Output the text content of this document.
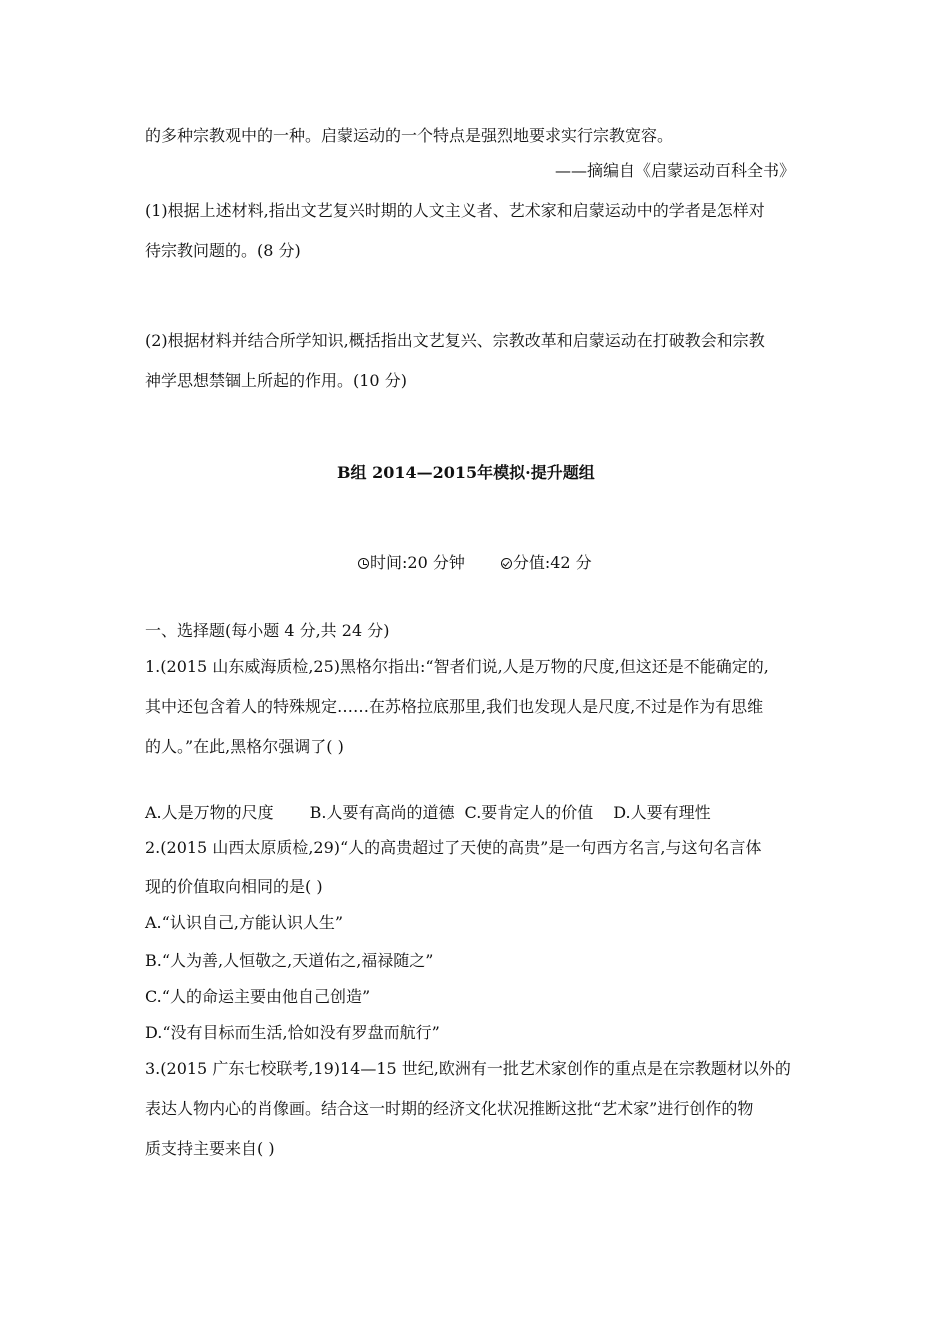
的多种宗教观中的一种。启蒙运动的一个特点是强烈地要求实行宗教宽容。
——摘编自《启蒙运动百科全书》
(1)根据上述材料,指出文艺复兴时期的人文主义者、艺术家和启蒙运动中的学者是怎样对
待宗教问题的。(8 分)
(2)根据材料并结合所学知识,概括指出文艺复兴、宗教改革和启蒙运动在打破教会和宗教
神学思想禁锢上所起的作用。(10 分)
B组 2014—2015年模拟·提升题组
时间:20 分钟	分值:42 分
一、选择题(每小题 4 分,共 24 分)
1.(2015 山东威海质检,25)黑格尔指出:“智者们说,人是万物的尺度,但这还是不能确定的,
其中还包含着人的特殊规定……在苏格拉底那里,我们也发现人是尺度,不过是作为有思维
的人。”在此,黑格尔强调了( )
A.人是万物的尺度 B.人要有高尚的道德 C.要肯定人的价值 D.人要有理性
2.(2015 山西太原质检,29)“人的高贵超过了天使的高贵”是一句西方名言,与这句名言体
现的价值取向相同的是( )
A.“认识自己,方能认识人生”
B.“人为善,人恒敬之,天道佑之,福禄随之”
C.“人的命运主要由他自己创造”
D.“没有目标而生活,恰如没有罗盘而航行”
3.(2015 广东七校联考,19)14—15 世纪,欧洲有一批艺术家创作的重点是在宗教题材以外的
表达人物内心的肖像画。结合这一时期的经济文化状况推断这批“艺术家”进行创作的物
质支持主要来自( )
